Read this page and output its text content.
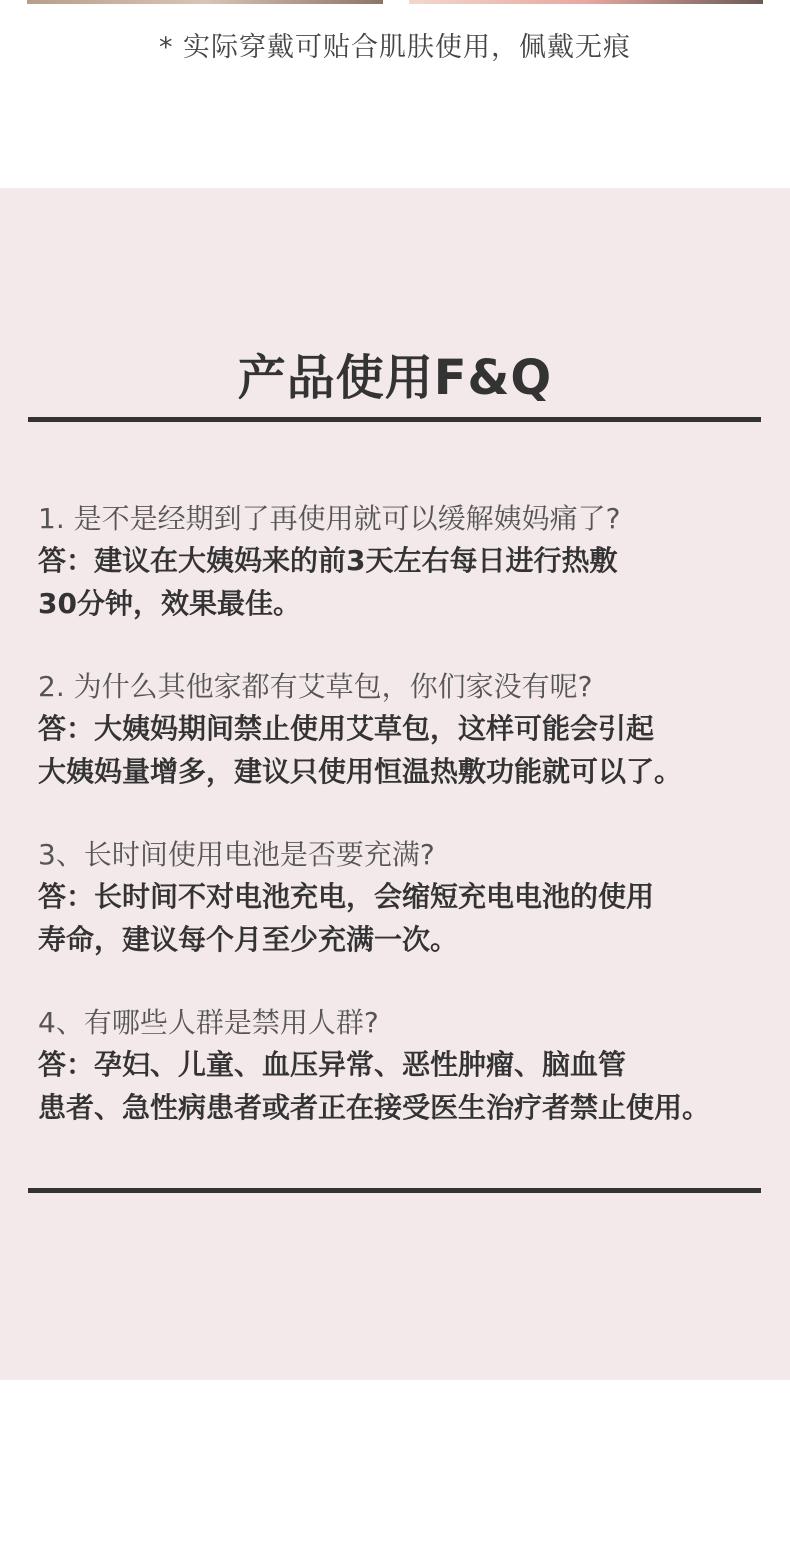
* 实际穿戴可贴合肌肤使用，佩戴无痕
产品使用F&Q
1. 是不是经期到了再使用就可以缓解姨妈痛了?
答：建议在大姨妈来的前3天左右每日进行热敷
30分钟，效果最佳。
2. 为什么其他家都有艾草包，你们家没有呢?
答：大姨妈期间禁止使用艾草包，这样可能会引起
大姨妈量增多，建议只使用恒温热敷功能就可以了。
3、长时间使用电池是否要充满?
答：长时间不对电池充电，会缩短充电电池的使用
寿命，建议每个月至少充满一次。
4、有哪些人群是禁用人群?
答：孕妇、儿童、血压异常、恶性肿瘤、脑血管
患者、急性病患者或者正在接受医生治疗者禁止使用。
